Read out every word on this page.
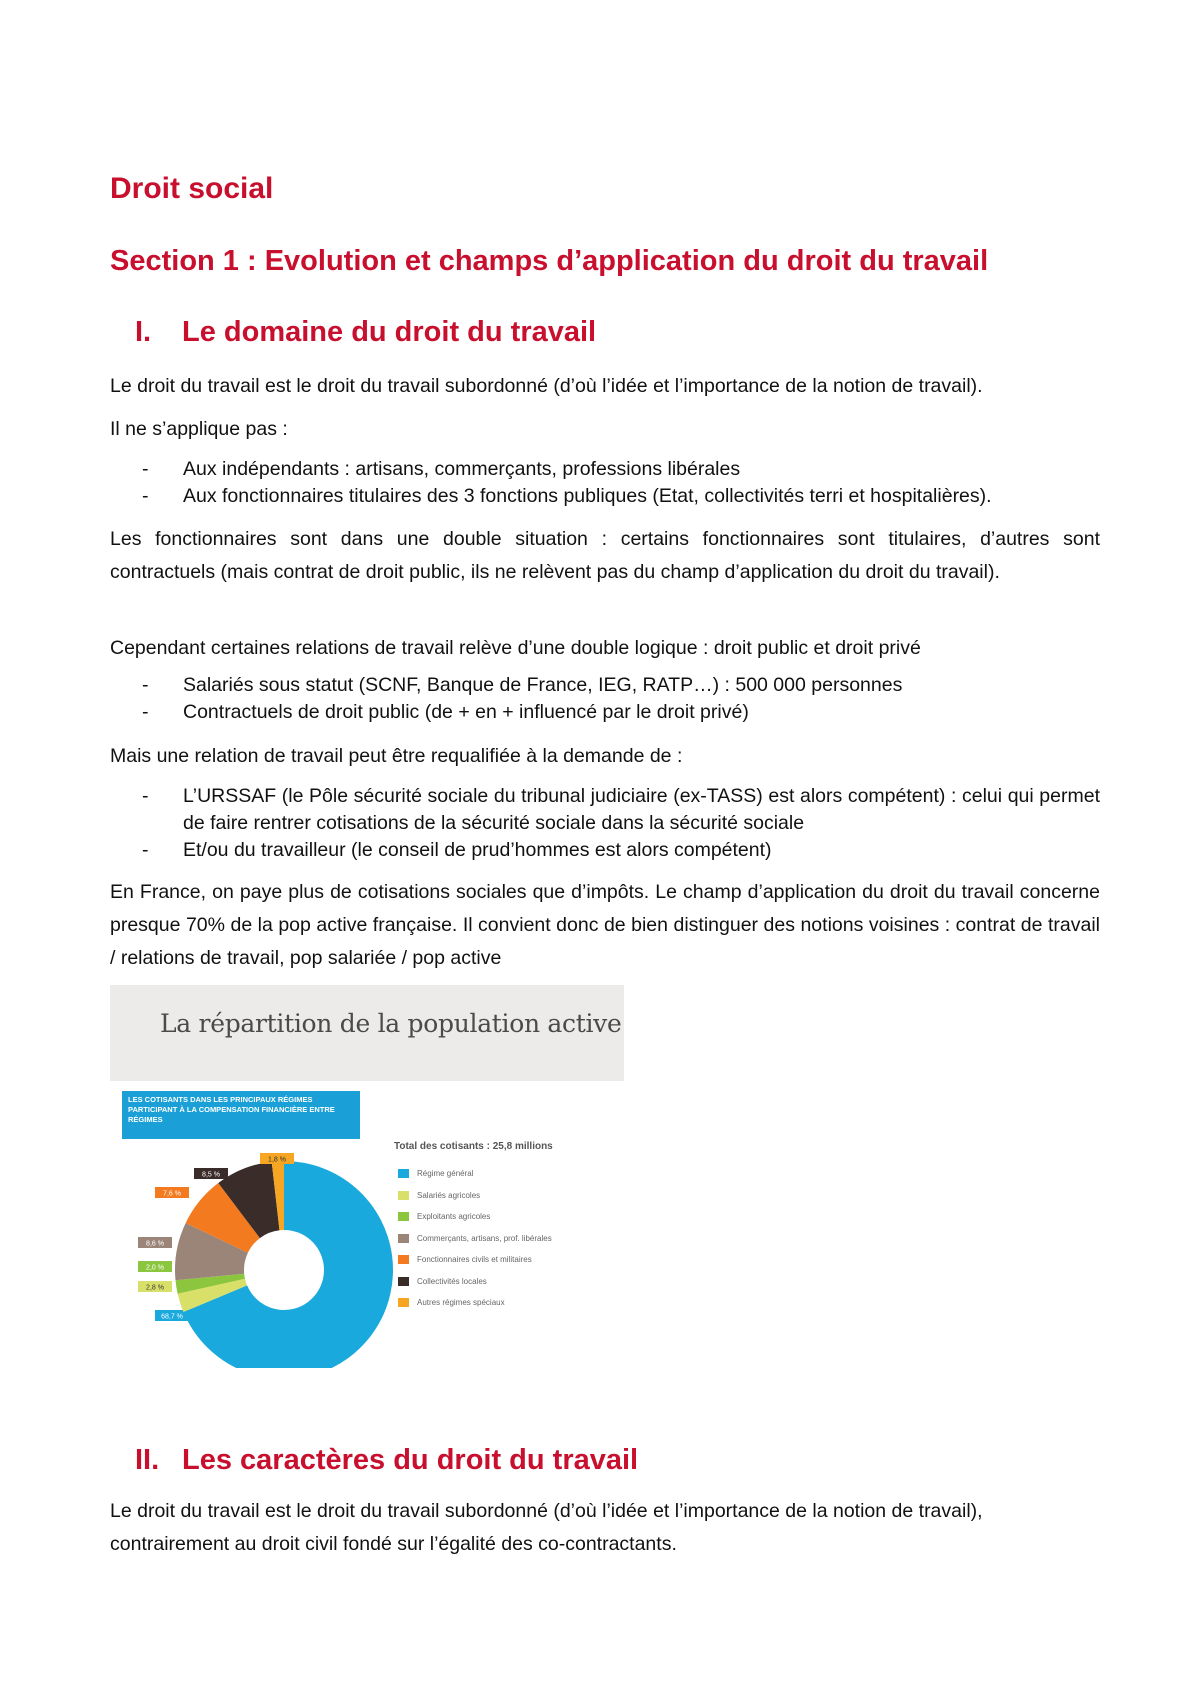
Droit social
Section 1 : Evolution et champs d’application du droit du travail
I. Le domaine du droit du travail

Le droit du travail est le droit du travail subordonné (d’où l’idée et l’importance de la notion de travail).

Il ne s’applique pas :

- Aux indépendants : artisans, commerçants, professions libérales
- Aux fonctionnaires titulaires des 3 fonctions publiques (Etat, collectivités terri et hospitalières).

Les fonctionnaires sont dans une double situation : certains fonctionnaires sont titulaires, d’autres sont contractuels (mais contrat de droit public, ils ne relèvent pas du champ d’application du droit du travail).

Cependant certaines relations de travail relève d’une double logique : droit public et droit privé

- Salariés sous statut (SCNF, Banque de France, IEG, RATP…) : 500 000 personnes
- Contractuels de droit public (de + en + influencé par le droit privé)

Mais une relation de travail peut être requalifiée à la demande de :

- L’URSSAF (le Pôle sécurité sociale du tribunal judiciaire (ex-TASS) est alors compétent) : celui qui permet de faire rentrer cotisations de la sécurité sociale dans la sécurité sociale
- Et/ou du travailleur (le conseil de prud’hommes est alors compétent)

En France, on paye plus de cotisations sociales que d’impôts. Le champ d’application du droit du travail concerne presque 70% de la pop active française. Il convient donc de bien distinguer des notions voisines : contrat de travail / relations de travail, pop salariée / pop active

II. Les caractères du droit du travail

Le droit du travail est le droit du travail subordonné (d’où l’idée et l’importance de la notion de travail), contrairement au droit civil fondé sur l’égalité des co-contractants.

La répartition de la population active
LES COTISANTS DANS LES PRINCIPAUX RÉGIMES PARTICIPANT À LA COMPENSATION FINANCIÈRE ENTRE RÉGIMES
Total des cotisants : 25,8 millions
Régime général
Salariés agricoles
Exploitants agricoles
Commerçants, artisans, prof. libérales
Fonctionnaires civils et militaires
Collectivités locales
Autres régimes spéciaux
68,7 %
2,8 %
2,0 %
8,6 %
7,6 %
8,5 %
1,8 %
